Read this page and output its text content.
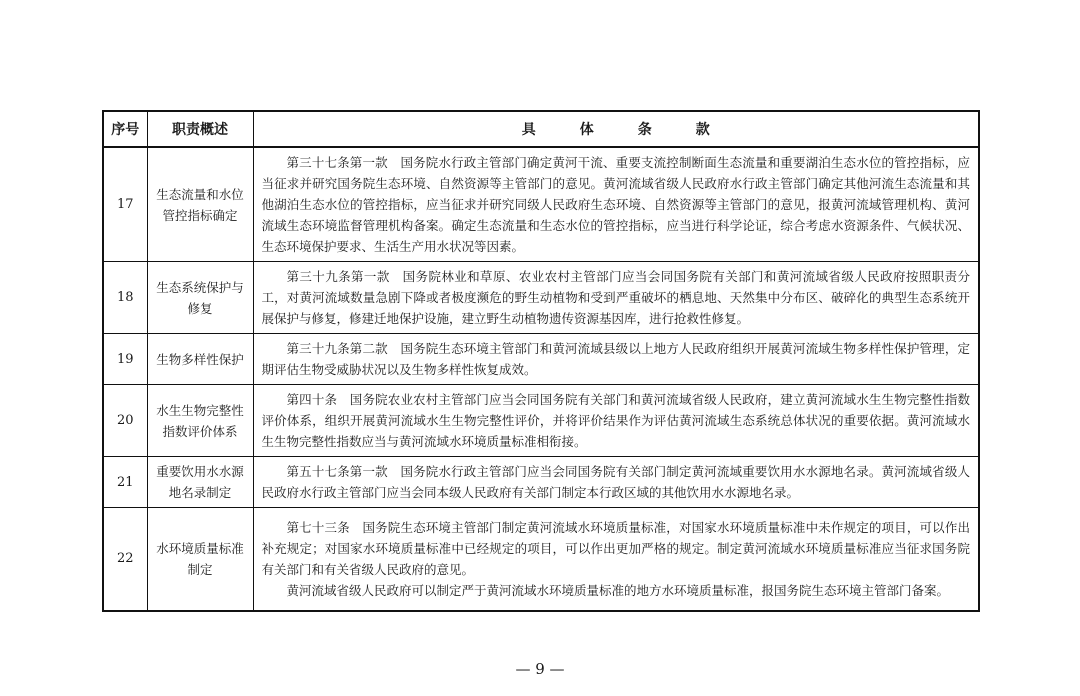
序号	职责概述	具体条款
17	生态流量和水位管控指标确定	第三十七条第一款　国务院水行政主管部门确定黄河干流、重要支流控制断面生态流量和重要湖泊生态水位的管控指标，应当征求并研究国务院生态环境、自然资源等主管部门的意见。黄河流域省级人民政府水行政主管部门确定其他河流生态流量和其他湖泊生态水位的管控指标，应当征求并研究同级人民政府生态环境、自然资源等主管部门的意见，报黄河流域管理机构、黄河流域生态环境监督管理机构备案。确定生态流量和生态水位的管控指标，应当进行科学论证，综合考虑水资源条件、气候状况、生态环境保护要求、生活生产用水状况等因素。

18	生态系统保护与修复	第三十九条第一款　国务院林业和草原、农业农村主管部门应当会同国务院有关部门和黄河流域省级人民政府按照职责分工，对黄河流域数量急剧下降或者极度濒危的野生动植物和受到严重破坏的栖息地、天然集中分布区、破碎化的典型生态系统开展保护与修复，修建迁地保护设施，建立野生动植物遗传资源基因库，进行抢救性修复。

19	生物多样性保护	第三十九条第二款　国务院生态环境主管部门和黄河流域县级以上地方人民政府组织开展黄河流域生物多样性保护管理，定期评估生物受威胁状况以及生物多样性恢复成效。

20	水生生物完整性指数评价体系	第四十条　国务院农业农村主管部门应当会同国务院有关部门和黄河流域省级人民政府，建立黄河流域水生生物完整性指数评价体系，组织开展黄河流域水生生物完整性评价，并将评价结果作为评估黄河流域生态系统总体状况的重要依据。黄河流域水生生物完整性指数应当与黄河流域水环境质量标准相衔接。

21	重要饮用水水源地名录制定	第五十七条第一款　国务院水行政主管部门应当会同国务院有关部门制定黄河流域重要饮用水水源地名录。黄河流域省级人民政府水行政主管部门应当会同本级人民政府有关部门制定本行政区域的其他饮用水水源地名录。

22	水环境质量标准制定	第七十三条　国务院生态环境主管部门制定黄河流域水环境质量标准，对国家水环境质量标准中未作规定的项目，可以作出补充规定；对国家水环境质量标准中已经规定的项目，可以作出更加严格的规定。制定黄河流域水环境质量标准应当征求国务院有关部门和有关省级人民政府的意见。

黄河流域省级人民政府可以制定严于黄河流域水环境质量标准的地方水环境质量标准，报国务院生态环境主管部门备案。

— 9 —
